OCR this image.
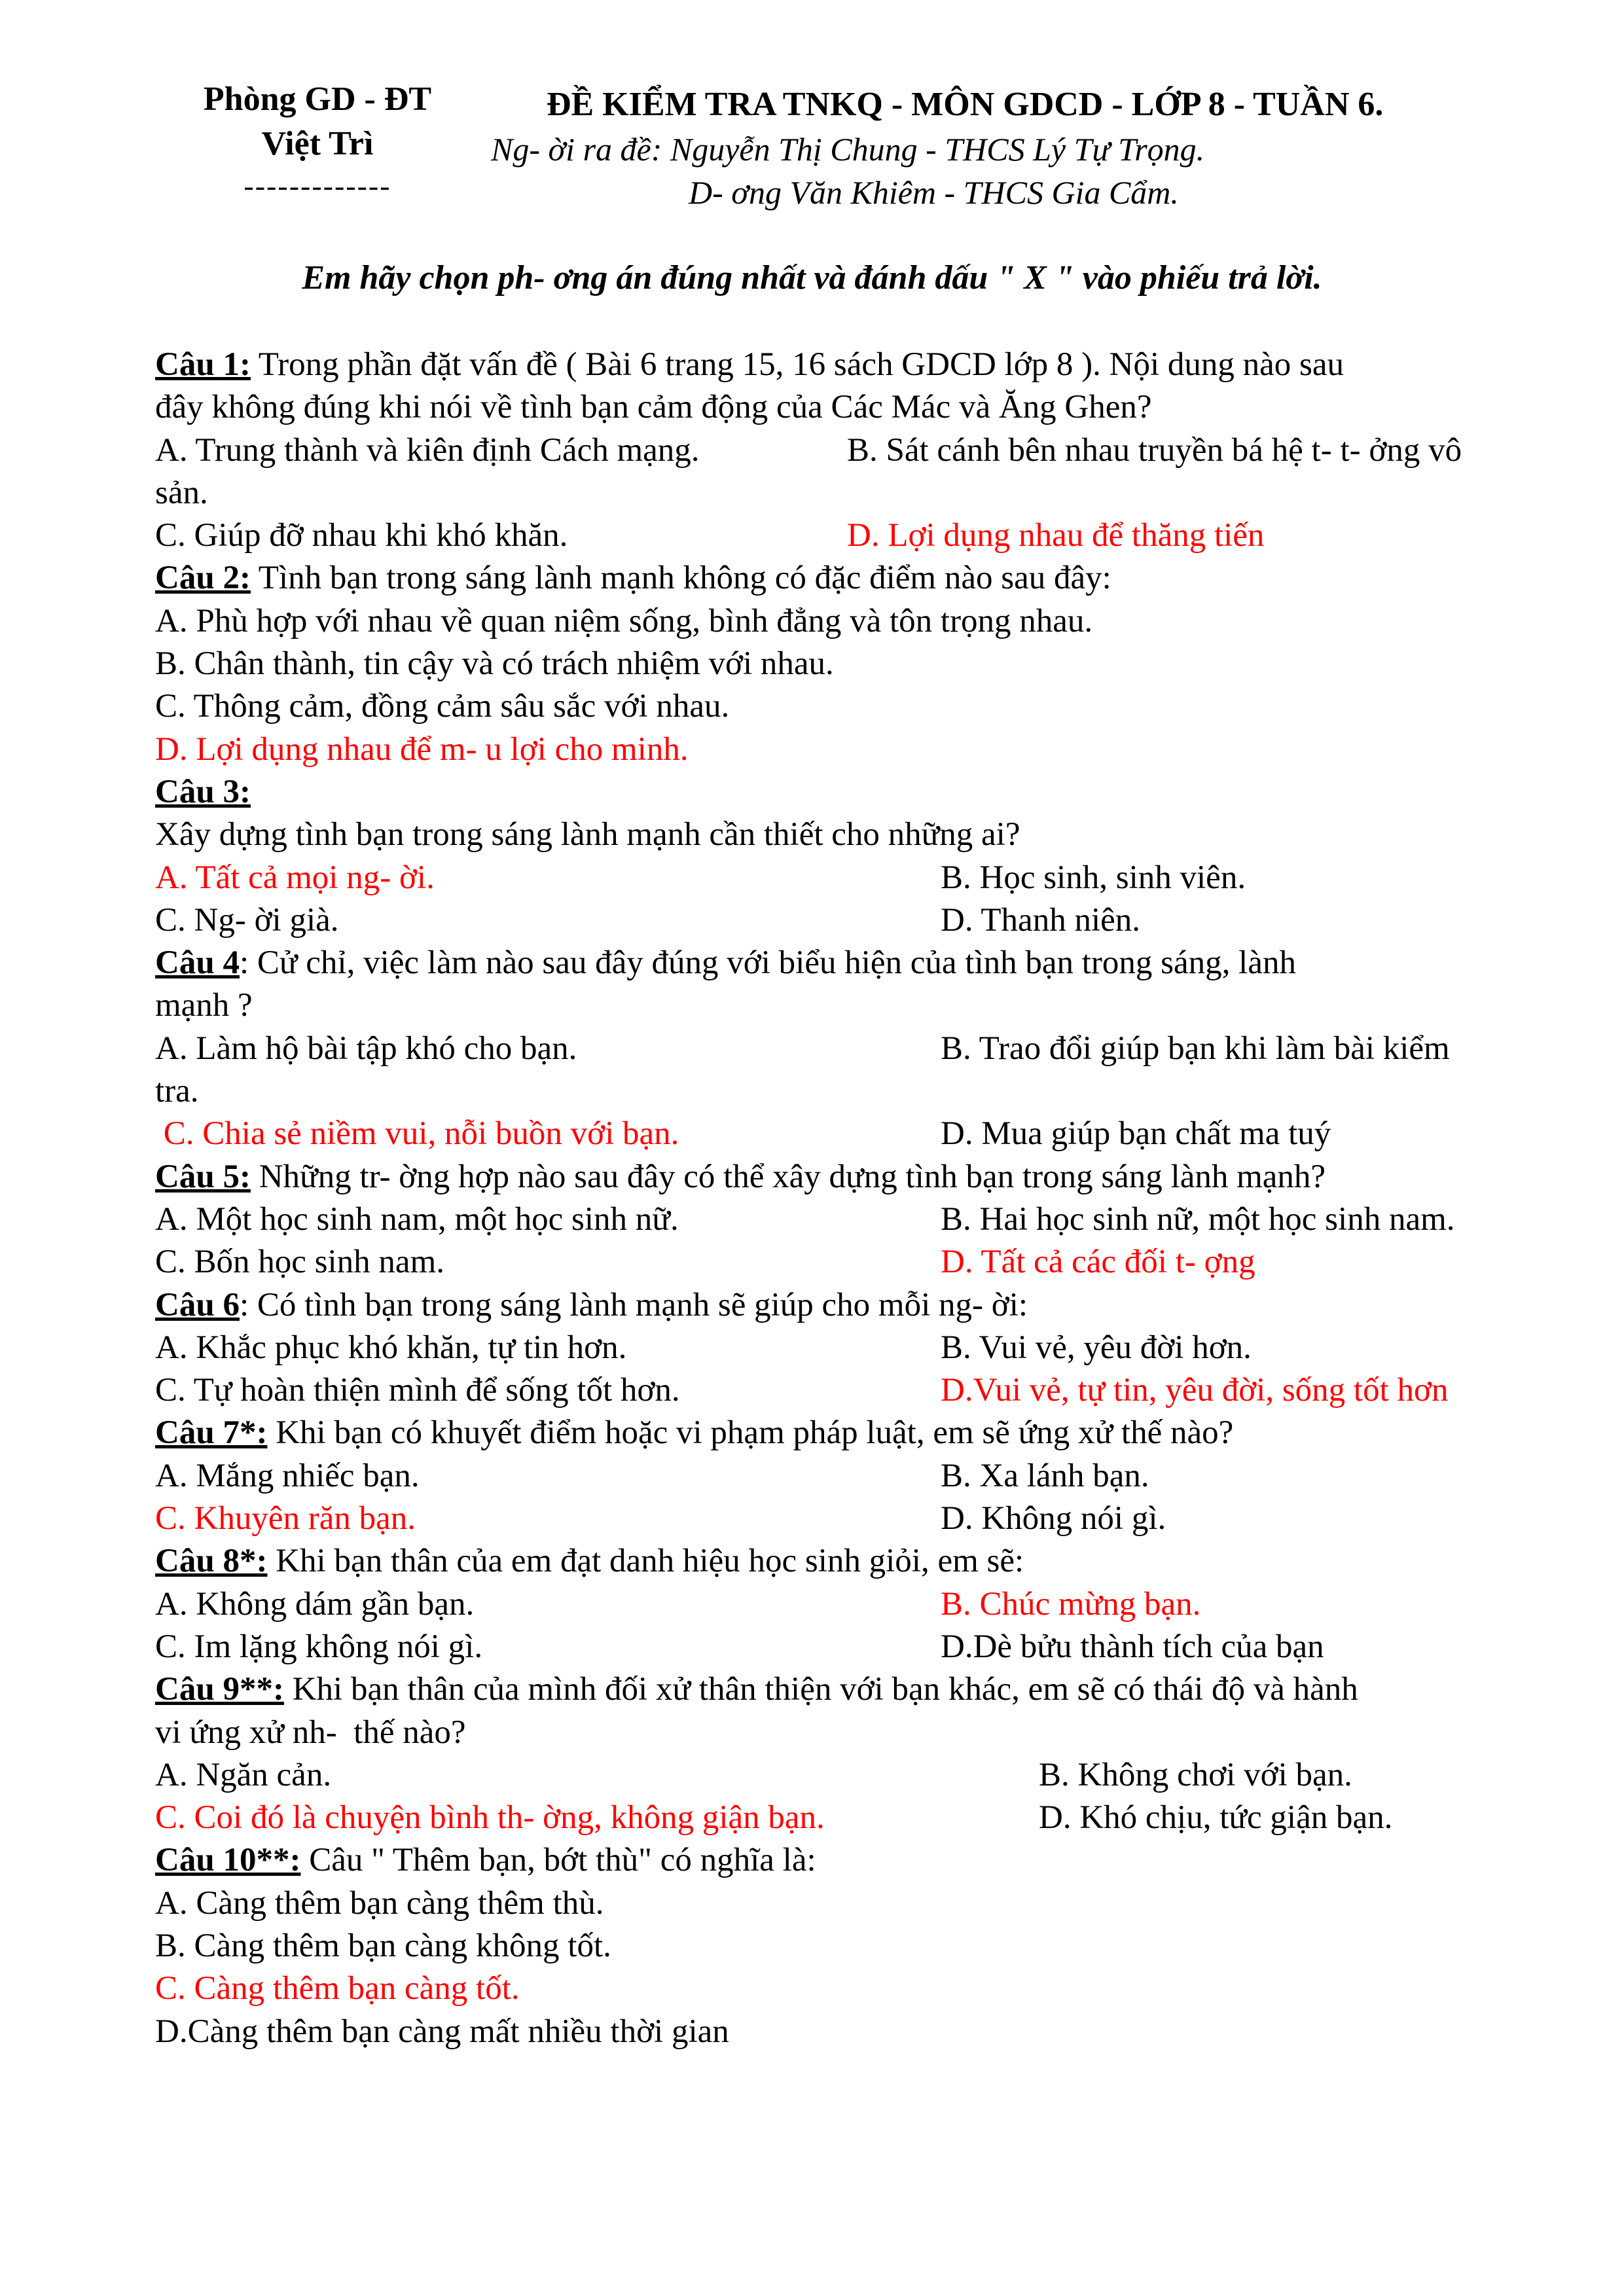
Phòng GD - ĐT
Việt Trì
-------------
ĐỀ KIỂM TRA TNKQ - MÔN GDCD - LỚP 8 - TUẦN 6.
Ng- ời ra đề: Nguyễn Thị Chung - THCS Lý Tự Trọng.
D- ơng Văn Khiêm - THCS Gia Cẩm.
Em hãy chọn ph- ơng án đúng nhất và đánh dấu " X " vào phiếu trả lời.
Câu 1: Trong phần đặt vấn đề ( Bài 6 trang 15, 16 sách GDCD lớp 8 ). Nội dung nào sau
đây không đúng khi nói về tình bạn cảm động của Các Mác và Ăng Ghen?
A. Trung thành và kiên định Cách mạng.	B. Sát cánh bên nhau truyền bá hệ t- t- ởng vô
sản.
C. Giúp đỡ nhau khi khó khăn.	D. Lợi dụng nhau để thăng tiến
Câu 2: Tình bạn trong sáng lành mạnh không có đặc điểm nào sau đây:
A. Phù hợp với nhau về quan niệm sống, bình đẳng và tôn trọng nhau.
B. Chân thành, tin cậy và có trách nhiệm với nhau.
C. Thông cảm, đồng cảm sâu sắc với nhau.
D. Lợi dụng nhau để m- u lợi cho minh.
Câu 3:
Xây dựng tình bạn trong sáng lành mạnh cần thiết cho những ai?
A. Tất cả mọi ng- ời.	B. Học sinh, sinh viên.
C. Ng- ời già.	D. Thanh niên.
Câu 4: Cử chỉ, việc làm nào sau đây đúng với biểu hiện của tình bạn trong sáng, lành
mạnh ?
A. Làm hộ bài tập khó cho bạn.	B. Trao đổi giúp bạn khi làm bài kiểm
tra.
C. Chia sẻ niềm vui, nỗi buồn với bạn.	D. Mua giúp bạn chất ma tuý
Câu 5: Những tr- ờng hợp nào sau đây có thể xây dựng tình bạn trong sáng lành mạnh?
A. Một học sinh nam, một học sinh nữ.	B. Hai học sinh nữ, một học sinh nam.
C. Bốn học sinh nam.	D. Tất cả các đối t- ợng
Câu 6: Có tình bạn trong sáng lành mạnh sẽ giúp cho mỗi ng- ời:
A. Khắc phục khó khăn, tự tin hơn.	B. Vui vẻ, yêu đời hơn.
C. Tự hoàn thiện mình để sống tốt hơn.	D.Vui vẻ, tự tin, yêu đời, sống tốt hơn
Câu 7*: Khi bạn có khuyết điểm hoặc vi phạm pháp luật, em sẽ ứng xử thế nào?
A. Mắng nhiếc bạn.	B. Xa lánh bạn.
C. Khuyên răn bạn.	D. Không nói gì.
Câu 8*: Khi bạn thân của em đạt danh hiệu học sinh giỏi, em sẽ:
A. Không dám gần bạn.	B. Chúc mừng bạn.
C. Im lặng không nói gì.	D.Dè bửu thành tích của bạn
Câu 9**: Khi bạn thân của mình đối xử thân thiện với bạn khác, em sẽ có thái độ và hành
vi ứng xử nh-  thế nào?
A. Ngăn cản.	B. Không chơi với bạn.
C. Coi đó là chuyện bình th- ờng, không giận bạn.	D. Khó chịu, tức giận bạn.
Câu 10**: Câu " Thêm bạn, bớt thù" có nghĩa là:
A. Càng thêm bạn càng thêm thù.
B. Càng thêm bạn càng không tốt.
C. Càng thêm bạn càng tốt.
D.Càng thêm bạn càng mất nhiều thời gian
